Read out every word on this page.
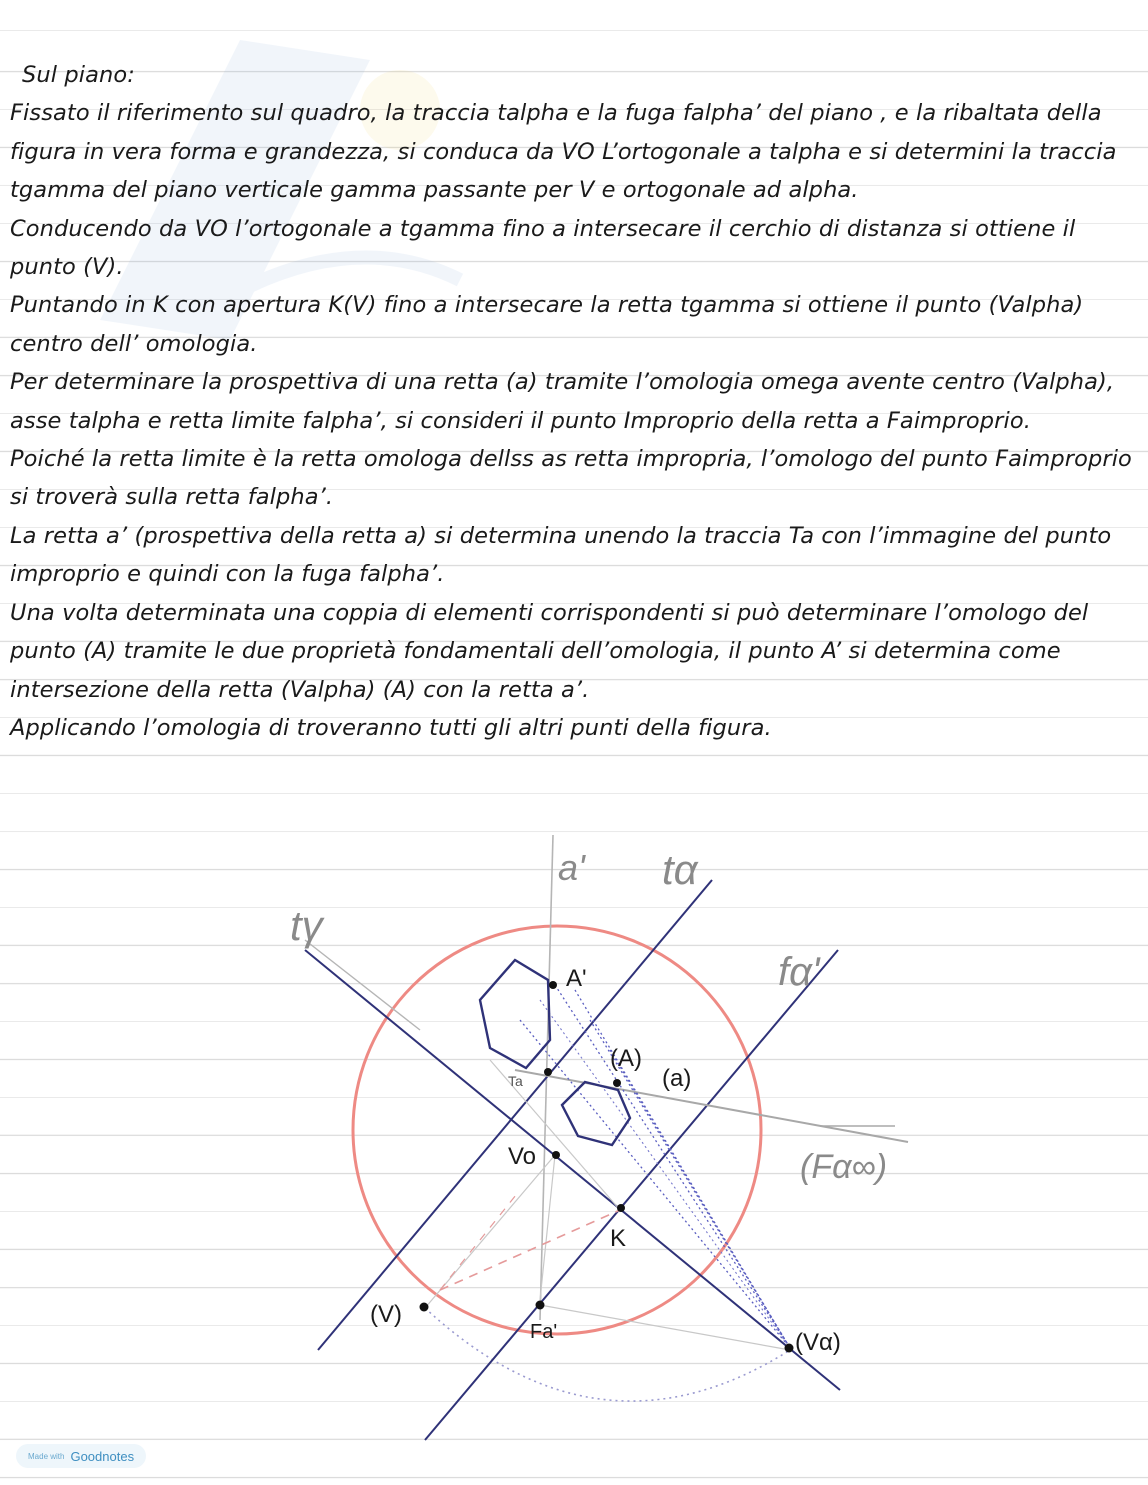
Sul piano:

Fissato il riferimento sul quadro, la traccia talpha e la fuga falpha’ del piano , e la ribaltata della figura in vera forma e grandezza, si conduca da VO L’ortogonale a talpha e si determini la traccia tgamma del piano verticale gamma passante per V e ortogonale ad alpha.

Conducendo da VO l’ortogonale a tgamma fino a intersecare il cerchio di distanza si ottiene il punto (V).

Puntando in K con apertura K(V) fino a intersecare la retta tgamma si ottiene il punto (Valpha) centro dell’ omologia.

Per determinare la prospettiva di una retta (a) tramite l’omologia omega avente centro (Valpha), asse talpha e retta limite falpha’, si consideri il punto Improprio della retta a Faimproprio.

Poiché la retta limite è la retta omologa dellss as retta impropria, l’omologo del punto Faimproprio si troverà sulla retta falpha’.

La retta a’ (prospettiva della retta a) si determina unendo la traccia Ta con l’immagine del punto improprio e quindi con la fuga falpha’.

Una volta determinata una coppia di elementi corrispondenti si può determinare l’omologo del punto (A) tramite le due proprietà fondamentali dell’omologia, il punto A’ si determina come intersezione della retta (Valpha) (A) con la retta a’.

Applicando l’omologia di troveranno tutti gli altri punti della figura.

A'
(A)
(a)
Ta
Vo
K
(V)
Fa'	(Vα)
a' tα
tγ
fα'
(Fα∞)
Made with Goodnotes
